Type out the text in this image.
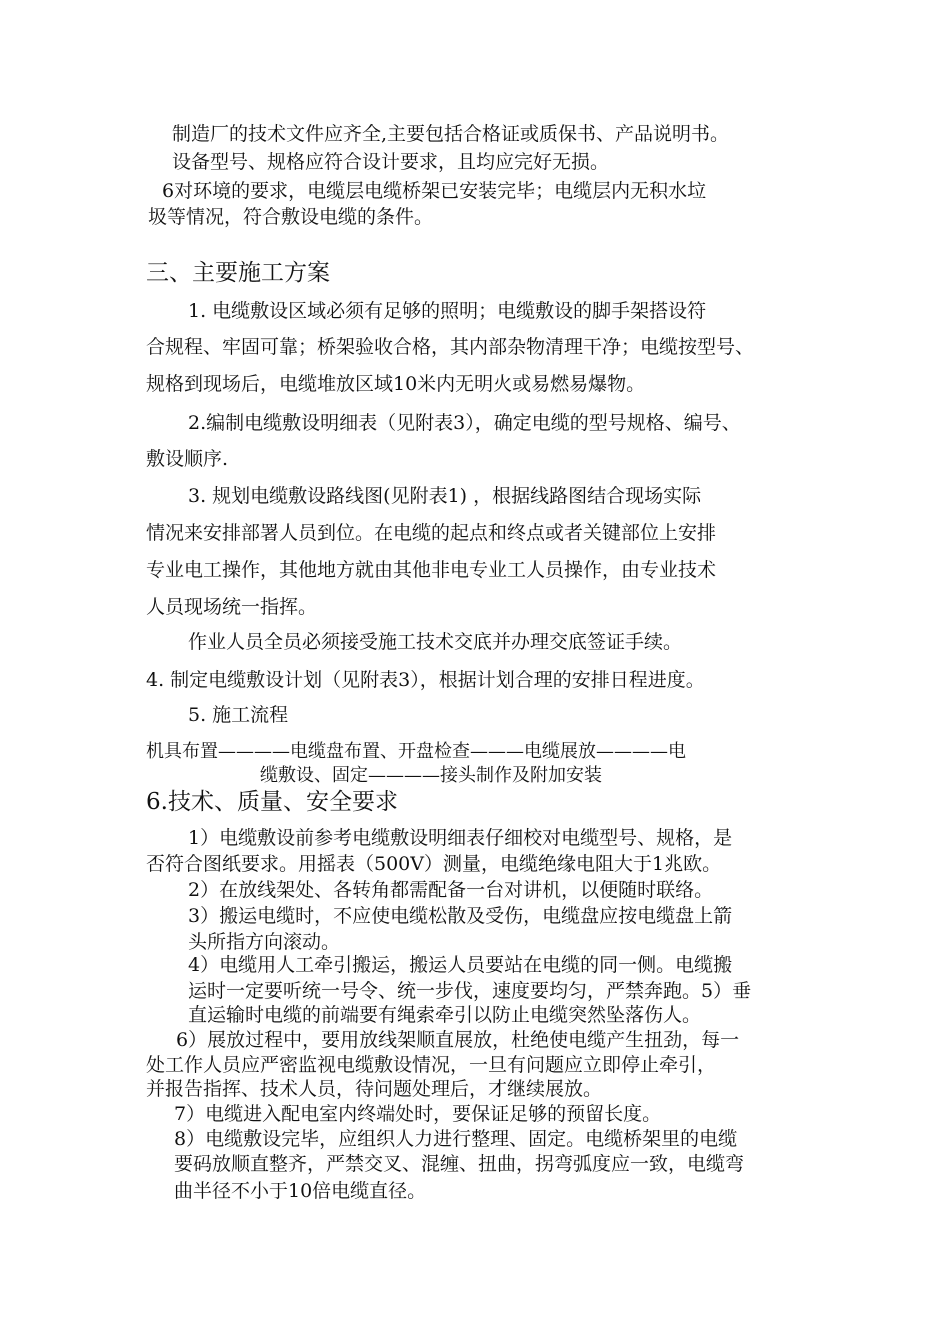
制造厂的技术文件应齐全,主要包括合格证或质保书、产品说明书。
设备型号、规格应符合设计要求，且均应完好无损。
6对环境的要求，电缆层电缆桥架已安装完毕；电缆层内无积水垃
圾等情况，符合敷设电缆的条件。
三、主要施工方案
1. 电缆敷设区域必须有足够的照明；电缆敷设的脚手架搭设符
合规程、牢固可靠；桥架验收合格，其内部杂物清理干净；电缆按型号、
规格到现场后，电缆堆放区域10米内无明火或易燃易爆物。
2.编制电缆敷设明细表（见附表3），确定电缆的型号规格、编号、
敷设顺序.
3. 规划电缆敷设路线图(见附表1) ，根据线路图结合现场实际
情况来安排部署人员到位。在电缆的起点和终点或者关键部位上安排
专业电工操作，其他地方就由其他非电专业工人员操作，由专业技术
人员现场统一指挥。
作业人员全员必须接受施工技术交底并办理交底签证手续。
4. 制定电缆敷设计划（见附表3），根据计划合理的安排日程进度。
5. 施工流程
机具布置————电缆盘布置、开盘检查———电缆展放————电
缆敷设、固定————接头制作及附加安装
6.技术、质量、安全要求
1）电缆敷设前参考电缆敷设明细表仔细校对电缆型号、规格，是
否符合图纸要求。用摇表（500V）测量，电缆绝缘电阻大于1兆欧。
2）在放线架处、各转角都需配备一台对讲机，以便随时联络。
3）搬运电缆时，不应使电缆松散及受伤，电缆盘应按电缆盘上箭
头所指方向滚动。
4）电缆用人工牵引搬运，搬运人员要站在电缆的同一侧。电缆搬
运时一定要听统一号令、统一步伐，速度要均匀，严禁奔跑。5）垂
直运输时电缆的前端要有绳索牵引以防止电缆突然坠落伤人。
6）展放过程中，要用放线架顺直展放，杜绝使电缆产生扭劲，每一
处工作人员应严密监视电缆敷设情况，一旦有问题应立即停止牵引，
并报告指挥、技术人员，待问题处理后，才继续展放。
7）电缆进入配电室内终端处时，要保证足够的预留长度。
8）电缆敷设完毕，应组织人力进行整理、固定。电缆桥架里的电缆
要码放顺直整齐，严禁交叉、混缠、扭曲，拐弯弧度应一致，电缆弯
曲半径不小于10倍电缆直径。
